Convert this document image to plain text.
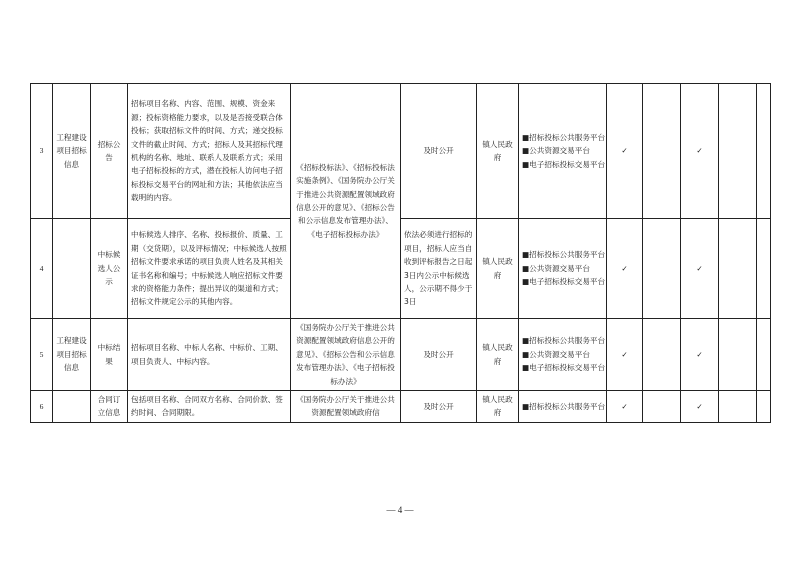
3	工程建设项目招标信息	招标公告	招标项目名称、内容、范围、规模、资金来源；投标资格能力要求，以及是否接受联合体投标；获取招标文件的时间、方式；递交投标文件的截止时间、方式；招标人及其招标代理机构的名称、地址、联系人及联系方式；采用电子招标投标的方式，潜在投标人访问电子招标投标交易平台的网址和方法；其他依法应当载明的内容。	《招标投标法》、《招标投标法实施条例》、《国务院办公厅关于推进公共资源配置领域政府信息公开的意见》、《招标公告和公示信息发布管理办法》、《电子招标投标办法》	及时公开	镇人民政府	■招标投标公共服务平台
■公共资源交易平台
■电子招标投标交易平台	✓		✓		
4		中标候选人公示	中标候选人排序、名称、投标报价、质量、工期（交货期），以及评标情况；中标候选人按照招标文件要求承诺的项目负责人姓名及其相关证书名称和编号；中标候选人响应招标文件要求的资格能力条件；提出异议的渠道和方式；招标文件规定公示的其他内容。		依法必须进行招标的项目，招标人应当自收到评标报告之日起3日内公示中标候选人，公示期不得少于3日	镇人民政府	■招标投标公共服务平台
■公共资源交易平台
■电子招标投标交易平台	✓		✓		
5	工程建设项目招标信息	中标结果	招标项目名称、中标人名称、中标价、工期、项目负责人、中标内容。	《国务院办公厅关于推进公共资源配置领域政府信息公开的意见》、《招标公告和公示信息发布管理办法》、《电子招标投标办法》	及时公开	镇人民政府	■招标投标公共服务平台
■公共资源交易平台
■电子招标投标交易平台	✓		✓		
6		合同订立信息	包括项目名称、合同双方名称、合同价款、签约时间、合同期限。	《国务院办公厅关于推进公共资源配置领域政府信	及时公开	镇人民政府	■招标投标公共服务平台	✓		✓		
— 4 —
